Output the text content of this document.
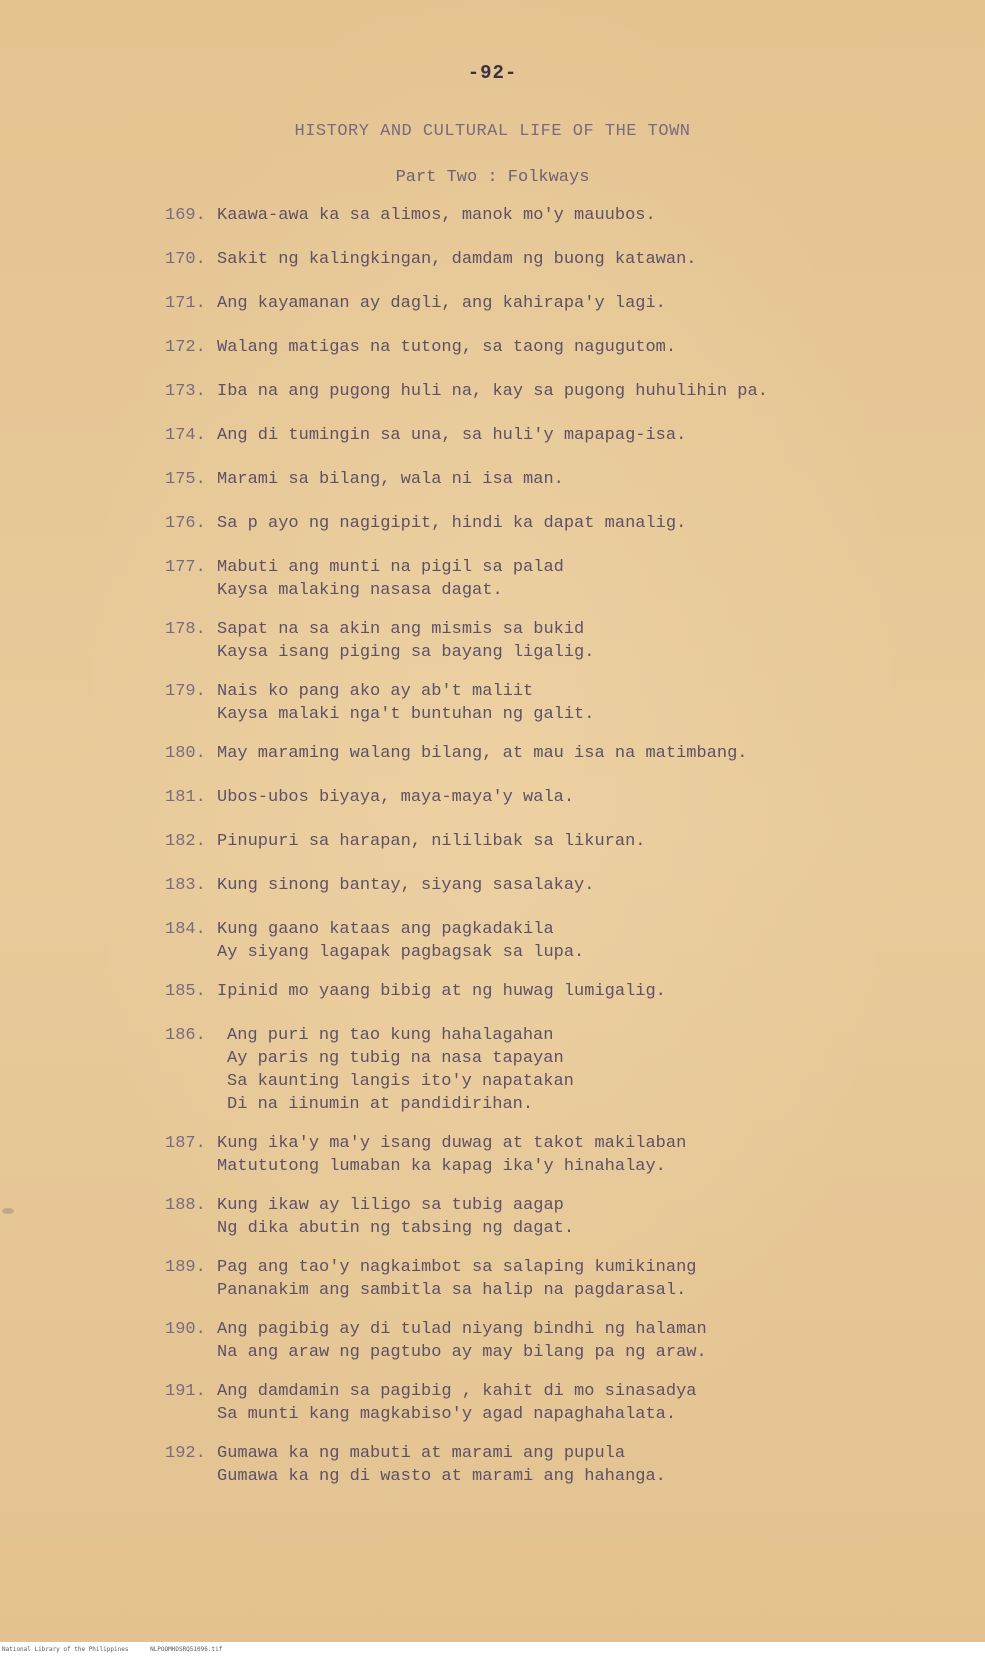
-92-
HISTORY AND CULTURAL LIFE OF THE TOWN
Part Two : Folkways
169. Kaawa-awa ka sa alimos, manok mo'y mauubos.
170. Sakit ng kalingkingan, damdam ng buong katawan.
171. Ang kayamanan ay dagli, ang kahirapa'y lagi.
172. Walang matigas na tutong, sa taong nagugutom.
173. Iba na ang pugong huli na, kay sa pugong huhulihin pa.
174. Ang di tumingin sa una, sa huli'y mapapag-isa.
175. Marami sa bilang, wala ni isa man.
176. Sa p ayo ng nagigipit, hindi ka dapat manalig.
177. Mabuti ang munti na pigil sa palad
Kaysa malaking nasasa dagat.
178. Sapat na sa akin ang mismis sa bukid
Kaysa isang piging sa bayang ligalig.
179. Nais ko pang ako ay ab't maliit
Kaysa malaki nga't buntuhan ng galit.
180. May maraming walang bilang, at mau isa na matimbang.
181. Ubos-ubos biyaya, maya-maya'y wala.
182. Pinupuri sa harapan, nililibak sa likuran.
183. Kung sinong bantay, siyang sasalakay.
184. Kung gaano kataas ang pagkadakila
Ay siyang lagapak pagbagsak sa lupa.
185. Ipinid mo yaang bibig at ng huwag lumigalig.
186. Ang puri ng tao kung hahalagahan
Ay paris ng tubig na nasa tapayan
Sa kaunting langis ito'y napatakan
Di na iinumin at pandidirihan.
187. Kung ika'y ma'y isang duwag at takot makilaban
Matututong lumaban ka kapag ika'y hinahalay.
188. Kung ikaw ay liligo sa tubig aagap
Ng dika abutin ng tabsing ng dagat.
189. Pag ang tao'y nagkaimbot sa salaping kumikinang
Pananakim ang sambitla sa halip na pagdarasal.
190. Ang pagibig ay di tulad niyang bindhi ng halaman
Na ang araw ng pagtubo ay may bilang pa ng araw.
191. Ang damdamin sa pagibig , kahit di mo sinasadya
Sa munti kang magkabiso'y agad napaghahalata.
192. Gumawa ka ng mabuti at marami ang pupula
Gumawa ka ng di wasto at marami ang hahanga.
National Library of the Philippines	NLPOOMHDSRQ51096.tif
